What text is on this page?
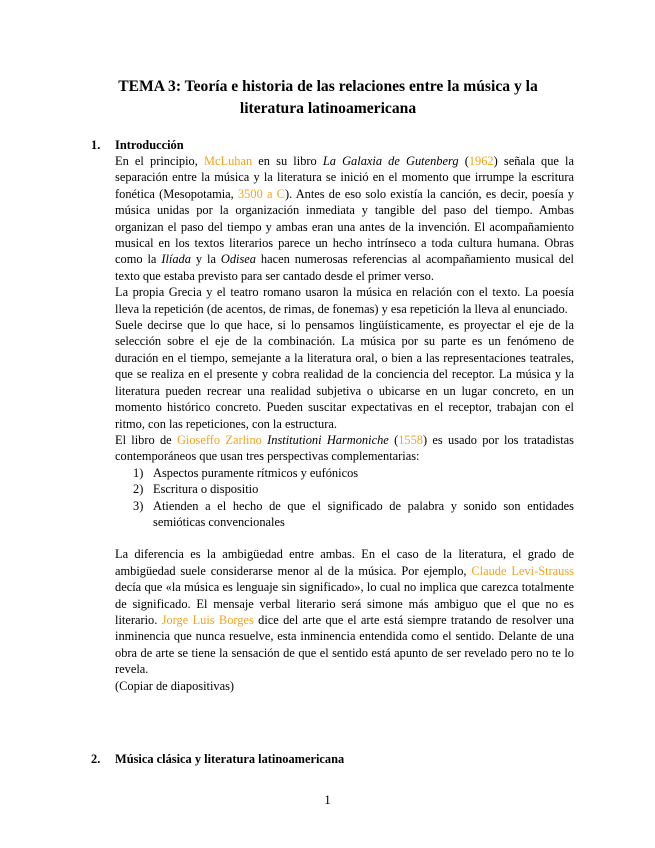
TEMA 3: Teoría e historia de las relaciones entre la música y la literatura latinoamericana
1. Introducción

En el principio, McLuhan en su libro La Galaxia de Gutenberg (1962) señala que la separación entre la música y la literatura se inició en el momento que irrumpe la escritura fonética (Mesopotamia, 3500 a C). Antes de eso solo existía la canción, es decir, poesía y música unidas por la organización inmediata y tangible del paso del tiempo. Ambas organizan el paso del tiempo y ambas eran una antes de la invención. El acompañamiento musical en los textos literarios parece un hecho intrínseco a toda cultura humana. Obras como la Ilíada y la Odisea hacen numerosas referencias al acompañamiento musical del texto que estaba previsto para ser cantado desde el primer verso.

La propia Grecia y el teatro romano usaron la música en relación con el texto. La poesía lleva la repetición (de acentos, de rimas, de fonemas) y esa repetición la lleva al enunciado.

Suele decirse que lo que hace, si lo pensamos lingüísticamente, es proyectar el eje de la selección sobre el eje de la combinación. La música por su parte es un fenómeno de duración en el tiempo, semejante a la literatura oral, o bien a las representaciones teatrales, que se realiza en el presente y cobra realidad de la conciencia del receptor. La música y la literatura pueden recrear una realidad subjetiva o ubicarse en un lugar concreto, en un momento histórico concreto. Pueden suscitar expectativas en el receptor, trabajan con el ritmo, con las repeticiones, con la estructura.

El libro de Gioseffo Zarlino Institutioni Harmoniche (1558) es usado por los tratadistas contemporáneos que usan tres perspectivas complementarias:

1) Aspectos puramente rítmicos y eufónicos
2) Escritura o dispositio
3) Atienden a el hecho de que el significado de palabra y sonido son entidades semióticas convencionales

La diferencia es la ambigüedad entre ambas. En el caso de la literatura, el grado de ambigüedad suele considerarse menor al de la música. Por ejemplo, Claude Levi-Strauss decía que «la música es lenguaje sin significado», lo cual no implica que carezca totalmente de significado. El mensaje verbal literario será simone más ambiguo que el que no es literario. Jorge Luis Borges dice del arte que el arte está siempre tratando de resolver una inminencia que nunca resuelve, esta inminencia entendida como el sentido. Delante de una obra de arte se tiene la sensación de que el sentido está apunto de ser revelado pero no te lo revela.

(Copiar de diapositivas)

2. Música clásica y literatura latinoamericana
1
